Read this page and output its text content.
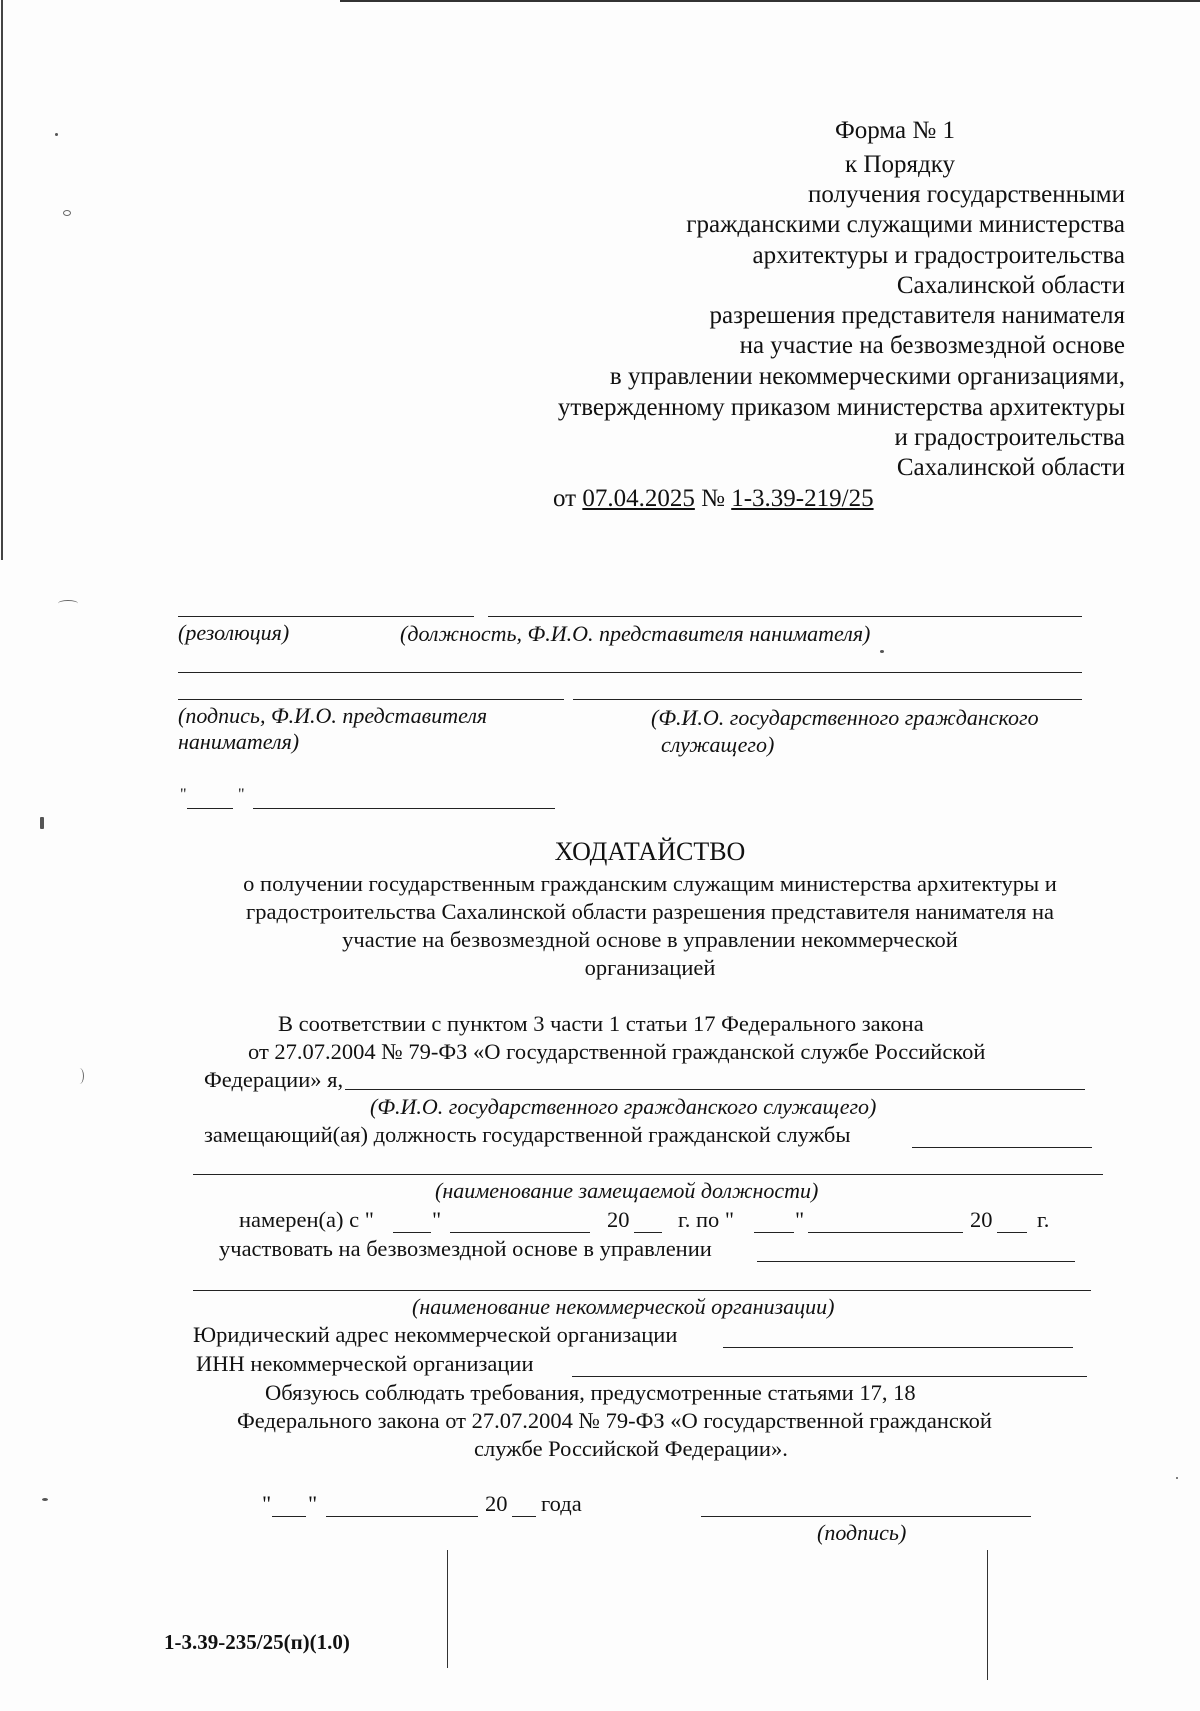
Форма № 1
к Порядку
получения государственными
гражданскими служащими министерства
архитектуры и градостроительства
Сахалинской области
разрешения представителя нанимателя
на участие на безвозмездной основе
в управлении некоммерческими организациями,
утвержденному приказом министерства архитектуры
и градостроительства
Сахалинской области
от 07.04.2025 № 1-3.39-219/25
(резолюция)	(должность, Ф.И.О. представителя нанимателя)
(подпись, Ф.И.О. представителя
нанимателя)
(Ф.И.О. государственного гражданского
служащего)
"	"
ХОДАТАЙСТВО
о получении государственным гражданским служащим министерства архитектуры и
градостроительства Сахалинской области разрешения представителя нанимателя на
участие на безвозмездной основе в управлении некоммерческой
организацией
В соответствии с пунктом 3 части 1 статьи 17 Федерального закона
от 27.07.2004 № 79-ФЗ «О государственной гражданской службе Российской
Федерации» я,
(Ф.И.О. государственного гражданского служащего)
замещающий(ая) должность государственной гражданской службы
(наименование замещаемой должности)
намерен(а) с "	"	20 г. по "	"	20 г.
участвовать на безвозмездной основе в управлении
(наименование некоммерческой организации)
Юридический адрес некоммерческой организации
ИНН некоммерческой организации
Обязуюсь соблюдать требования, предусмотренные статьями 17, 18
Федерального закона от 27.07.2004 № 79-ФЗ «О государственной гражданской
службе Российской Федерации».
" "	20 года
(подпись)
1-3.39-235/25(п)(1.0)
